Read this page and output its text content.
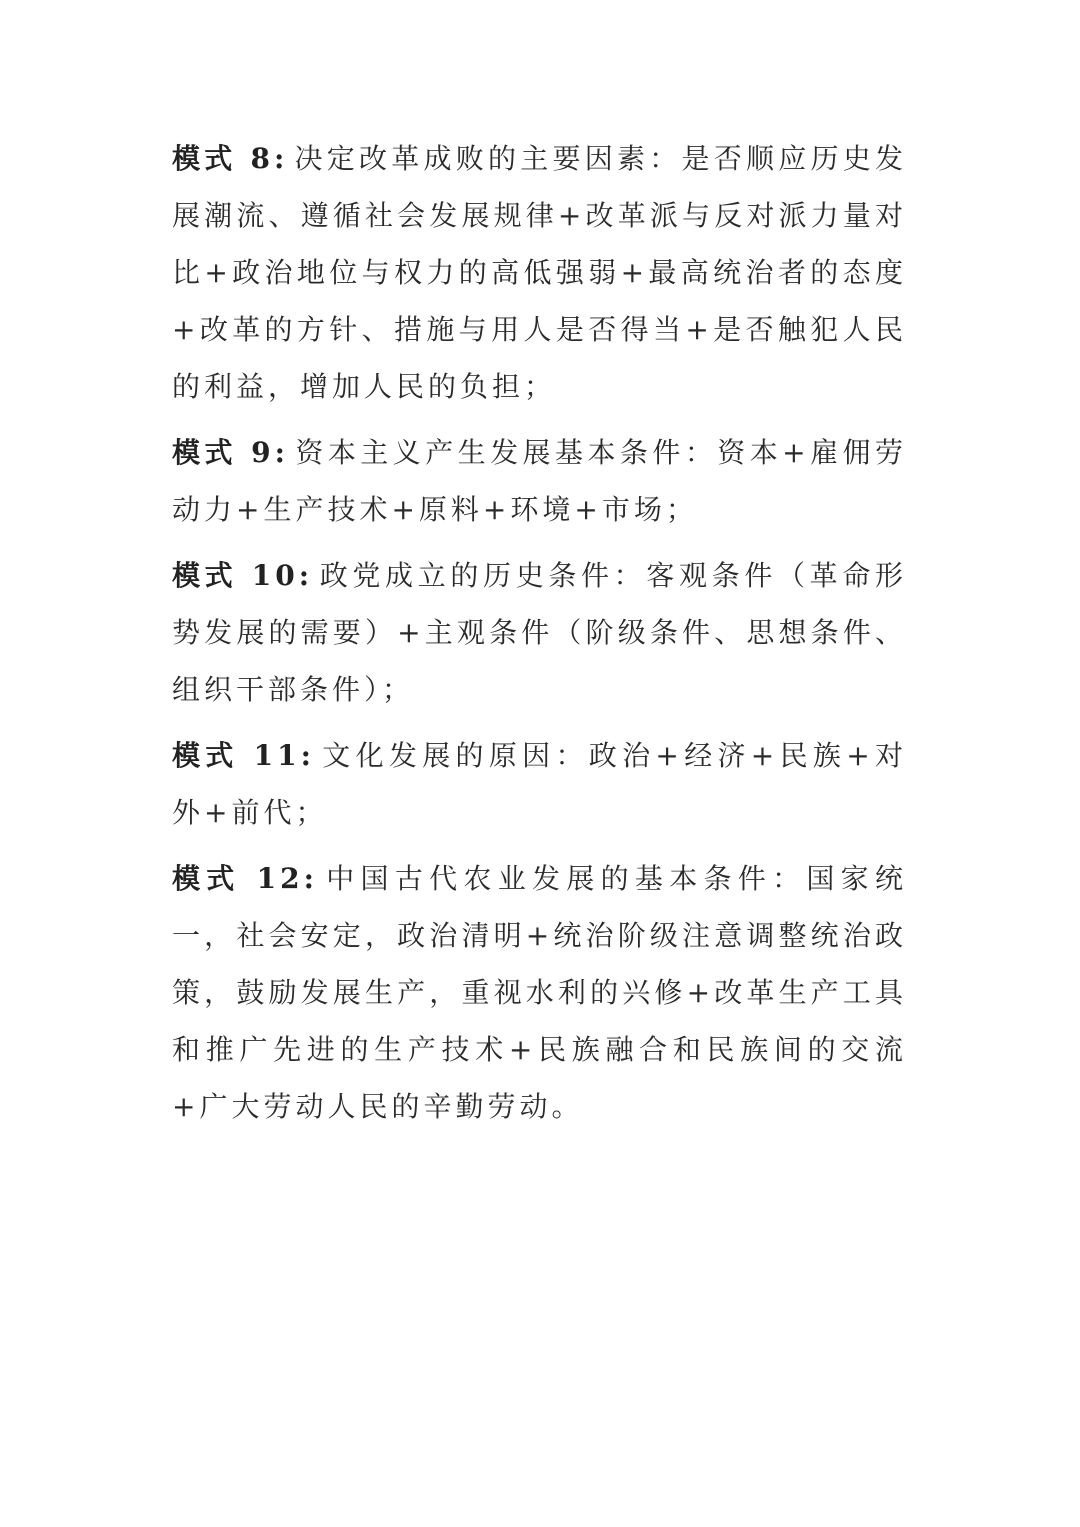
模式 8: 决定改革成败的主要因素：是否顺应历史发展潮流、遵循社会发展规律+改革派与反对派力量对比+政治地位与权力的高低强弱+最高统治者的态度+改革的方针、措施与用人是否得当+是否触犯人民的利益，增加人民的负担；

模式 9: 资本主义产生发展基本条件：资本+雇佣劳动力+生产技术+原料+环境+市场；

模式 10: 政党成立的历史条件：客观条件（革命形势发展的需要）+主观条件（阶级条件、思想条件、组织干部条件）；

模式 11: 文化发展的原因：政治+经济+民族+对外+前代；

模式 12: 中国古代农业发展的基本条件：国家统一，社会安定，政治清明+统治阶级注意调整统治政策，鼓励发展生产，重视水利的兴修+改革生产工具和推广先进的生产技术+民族融合和民族间的交流+广大劳动人民的辛勤劳动。
